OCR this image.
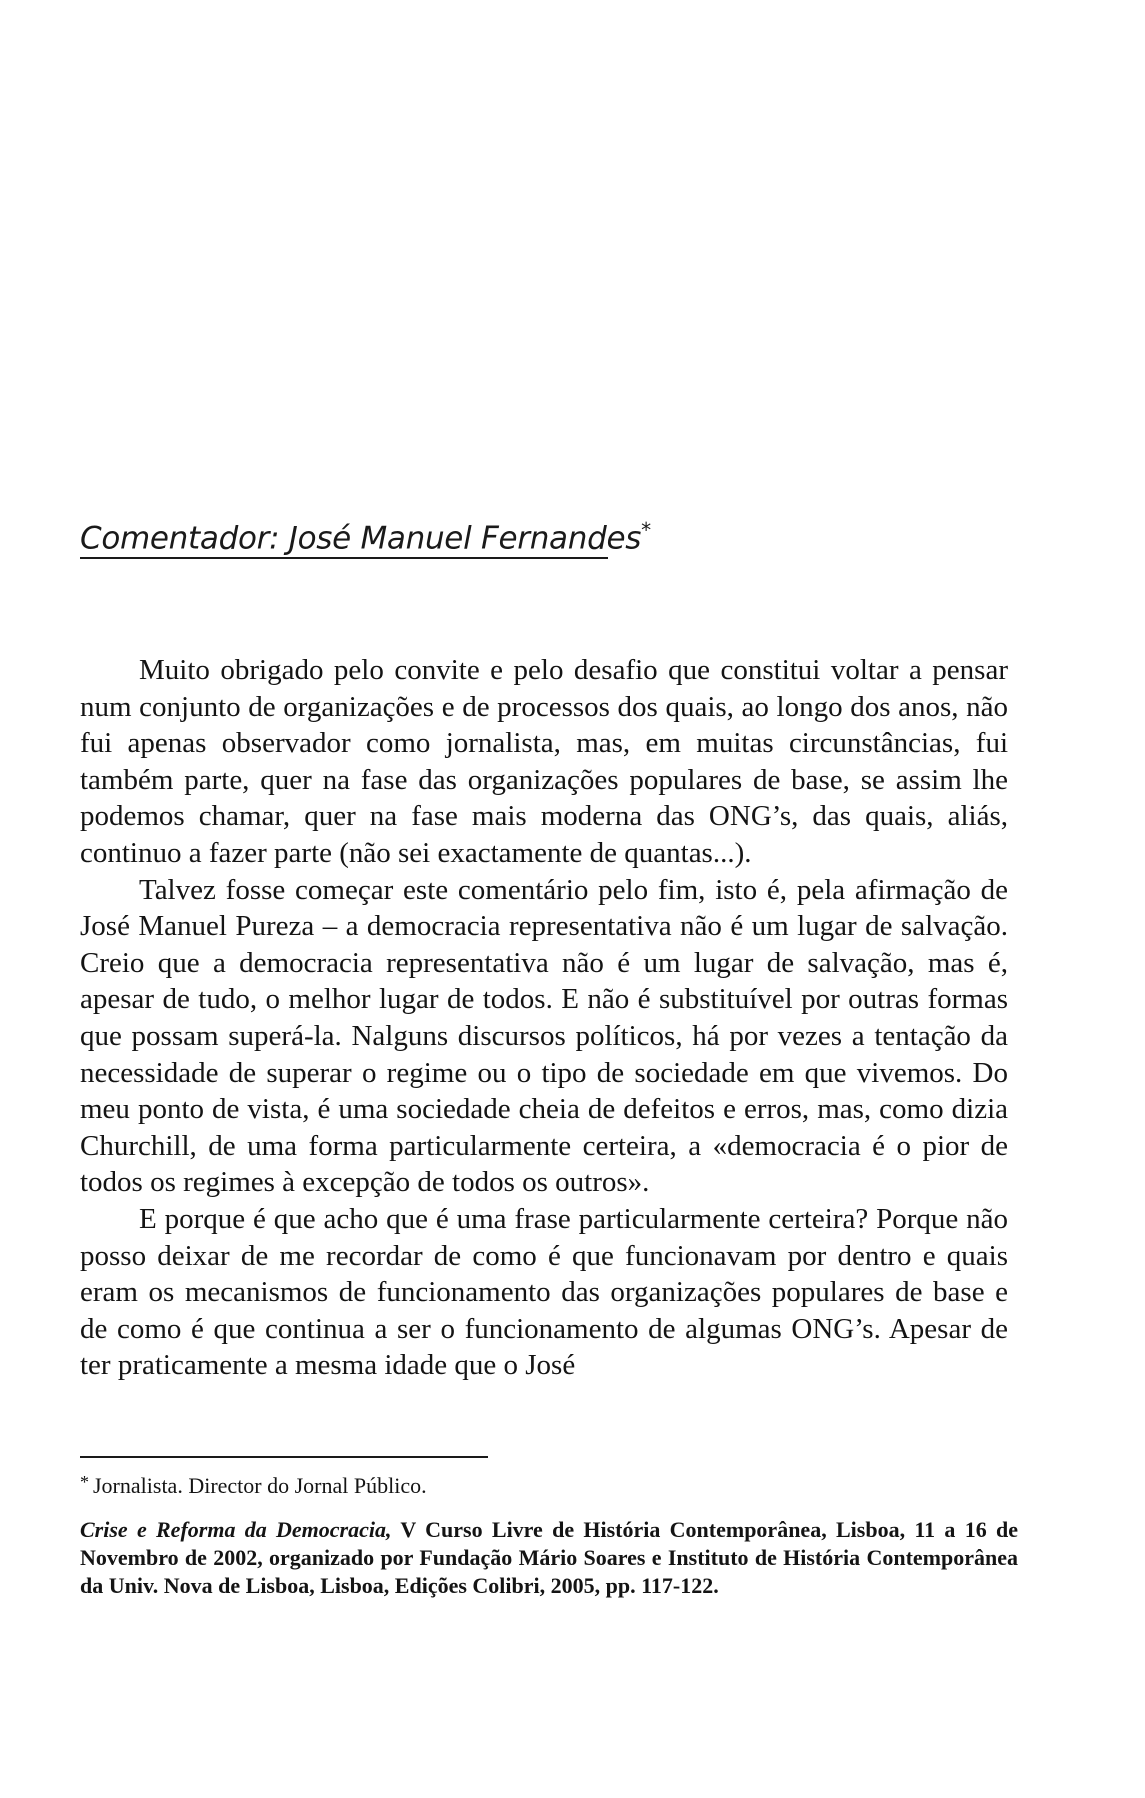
Comentador: José Manuel Fernandes*

Muito obrigado pelo convite e pelo desafio que constitui voltar a pensar num conjunto de organizações e de processos dos quais, ao longo dos anos, não fui apenas observador como jornalista, mas, em muitas circunstâncias, fui também parte, quer na fase das organizações populares de base, se assim lhe podemos chamar, quer na fase mais moderna das ONG’s, das quais, aliás, continuo a fazer parte (não sei exactamente de quantas...).

Talvez fosse começar este comentário pelo fim, isto é, pela afirmação de José Manuel Pureza – a democracia representativa não é um lugar de salvação. Creio que a democracia representativa não é um lugar de salvação, mas é, apesar de tudo, o melhor lugar de todos. E não é substituível por outras formas que possam superá-la. Nalguns discursos políticos, há por vezes a tentação da necessidade de superar o regime ou o tipo de sociedade em que vivemos. Do meu ponto de vista, é uma sociedade cheia de defeitos e erros, mas, como dizia Churchill, de uma forma particularmente certeira, a «democracia é o pior de todos os regimes à excepção de todos os outros».

E porque é que acho que é uma frase particularmente certeira? Porque não posso deixar de me recordar de como é que funcionavam por dentro e quais eram os mecanismos de funcionamento das organizações populares de base e de como é que continua a ser o funcionamento de algumas ONG’s. Apesar de ter praticamente a mesma idade que o José

* Jornalista. Director do Jornal Público.
Crise e Reforma da Democracia, V Curso Livre de História Contemporânea, Lisboa, 11 a 16 de Novembro de 2002, organizado por Fundação Mário Soares e Instituto de História Contemporânea da Univ. Nova de Lisboa, Lisboa, Edições Colibri, 2005, pp. 117-122.
